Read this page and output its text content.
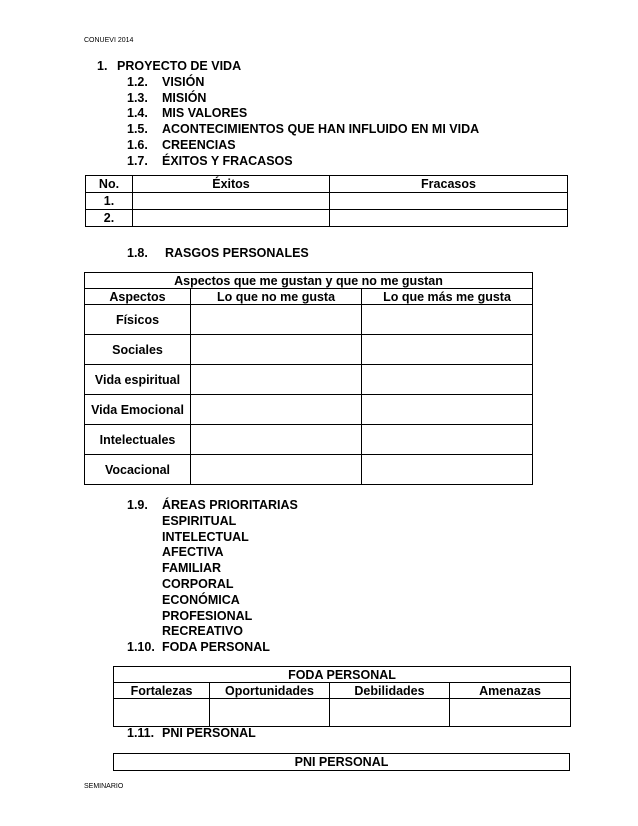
CONUEVI 2014
1. PROYECTO DE VIDA
1.2. VISIÓN
1.3. MISIÓN
1.4. MIS VALORES
1.5. ACONTECIMIENTOS QUE HAN INFLUIDO EN MI VIDA
1.6. CREENCIAS
1.7. ÉXITOS Y FRACASOS
No.	Éxitos	Fracasos
1.		
2.		
1.8. RASGOS PERSONALES
Aspectos que me gustan y que no me gustan		
Aspectos	Lo que no me gusta	Lo que más me gusta
Físicos		
Sociales		
Vida espiritual		
Vida Emocional		
Intelectuales		
Vocacional		
1.9. ÁREAS PRIORITARIAS
ESPIRITUAL
INTELECTUAL
AFECTIVA
FAMILIAR
CORPORAL
ECONÓMICA
PROFESIONAL
RECREATIVO
1.10. FODA PERSONAL
FODA PERSONAL			
Fortalezas	Oportunidades	Debilidades	Amenazas

1.11. PNI PERSONAL
PNI PERSONAL
SEMINARIO
